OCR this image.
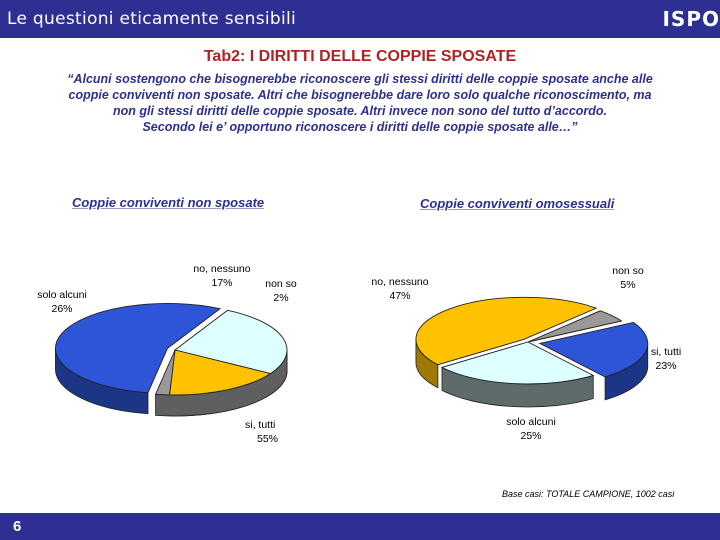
Le questioni eticamente sensibili	ISPO
Tab2: I DIRITTI DELLE COPPIE SPOSATE
“Alcuni sostengono che bisognerebbe riconoscere gli stessi diritti delle coppie sposate anche alle
coppie conviventi non sposate. Altri che bisognerebbe dare loro solo qualche riconoscimento, ma
non gli stessi diritti delle coppie sposate. Altri invece non sono del tutto d’accordo.
Secondo lei e’ opportuno riconoscere i diritti delle coppie sposate alle…”
Coppie conviventi non sposate	Coppie conviventi omosessuali
si, tutti
55%
solo alcuni
26%
no, nessuno
17%	non so
2%
si, tutti
23%
solo alcuni
25%
no, nessuno
47%
non so
5%
Base casi: TOTALE CAMPIONE, 1002 casi
6
